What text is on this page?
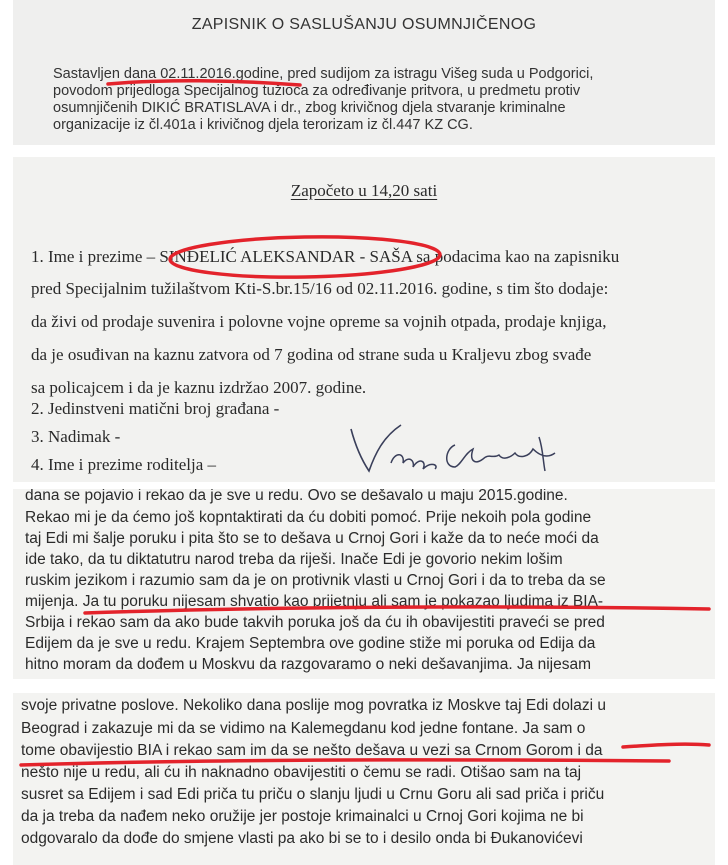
ZAPISNIK O SASLUŠANJU OSUMNJIČENOG
Sastavljen dana 02.11.2016.godine, pred sudijom za istragu Višeg suda u Podgorici,
povodom prijedloga Specijalnog tužioca za određivanje pritvora, u predmetu protiv
osumnjičenih DIKIĆ BRATISLAVA i dr., zbog krivičnog djela stvaranje kriminalne
organizacije iz čl.401a i krivičnog djela terorizam iz čl.447 KZ CG.
Započeto u 14,20 sati
1. Ime i prezime – SINĐELIĆ ALEKSANDAR - SAŠA sa podacima kao na zapisniku
pred Specijalnim tužilaštvom Kti-S.br.15/16 od 02.11.2016. godine, s tim što dodaje:
da živi od prodaje suvenira i polovne vojne opreme sa vojnih otpada, prodaje knjiga,
da je osuđivan na kaznu zatvora od 7 godina od strane suda u Kraljevu zbog svađe
sa policajcem i da je kaznu izdržao 2007. godine.
2. Jedinstveni matični broj građana -
3. Nadimak -
4. Ime i prezime roditelja –
dana se pojavio i rekao da je sve u redu. Ovo se dešavalo u maju 2015.godine.
Rekao mi je da ćemo još kopntaktirati da ću dobiti pomoć. Prije nekoih pola godine
taj Edi mi šalje poruku i pita što se to dešava u Crnoj Gori i kaže da to neće moći da
ide tako, da tu diktatutru narod treba da riješi. Inače Edi je govorio nekim lošim
ruskim jezikom i razumio sam da je on protivnik vlasti u Crnoj Gori i da to treba da se
mijenja. Ja tu poruku nijesam shvatio kao prijetnju ali sam je pokazao ljudima iz BIA-
Srbija i rekao sam da ako bude takvih poruka još da ću ih obavijestiti praveći se pred
Edijem da je sve u redu. Krajem Septembra ove godine stiže mi poruka od Edija da
hitno moram da dođem u Moskvu da razgovaramo o neki dešavanjima. Ja nijesam
svoje privatne poslove. Nekoliko dana poslije mog povratka iz Moskve taj Edi dolazi u
Beograd i zakazuje mi da se vidimo na Kalemegdanu kod jedne fontane. Ja sam o
tome obavijestio BIA i rekao sam im da se nešto dešava u vezi sa Crnom Gorom i da
nešto nije u redu, ali ću ih naknadno obavijestiti o čemu se radi. Otišao sam na taj
susret sa Edijem i sad Edi priča tu priču o slanju ljudi u Crnu Goru ali sad priča i priču
da ja treba da nađem neko oružije jer postoje krimainalci u Crnoj Gori kojima ne bi
odgovaralo da dođe do smjene vlasti pa ako bi se to i desilo onda bi Đukanovićevi
